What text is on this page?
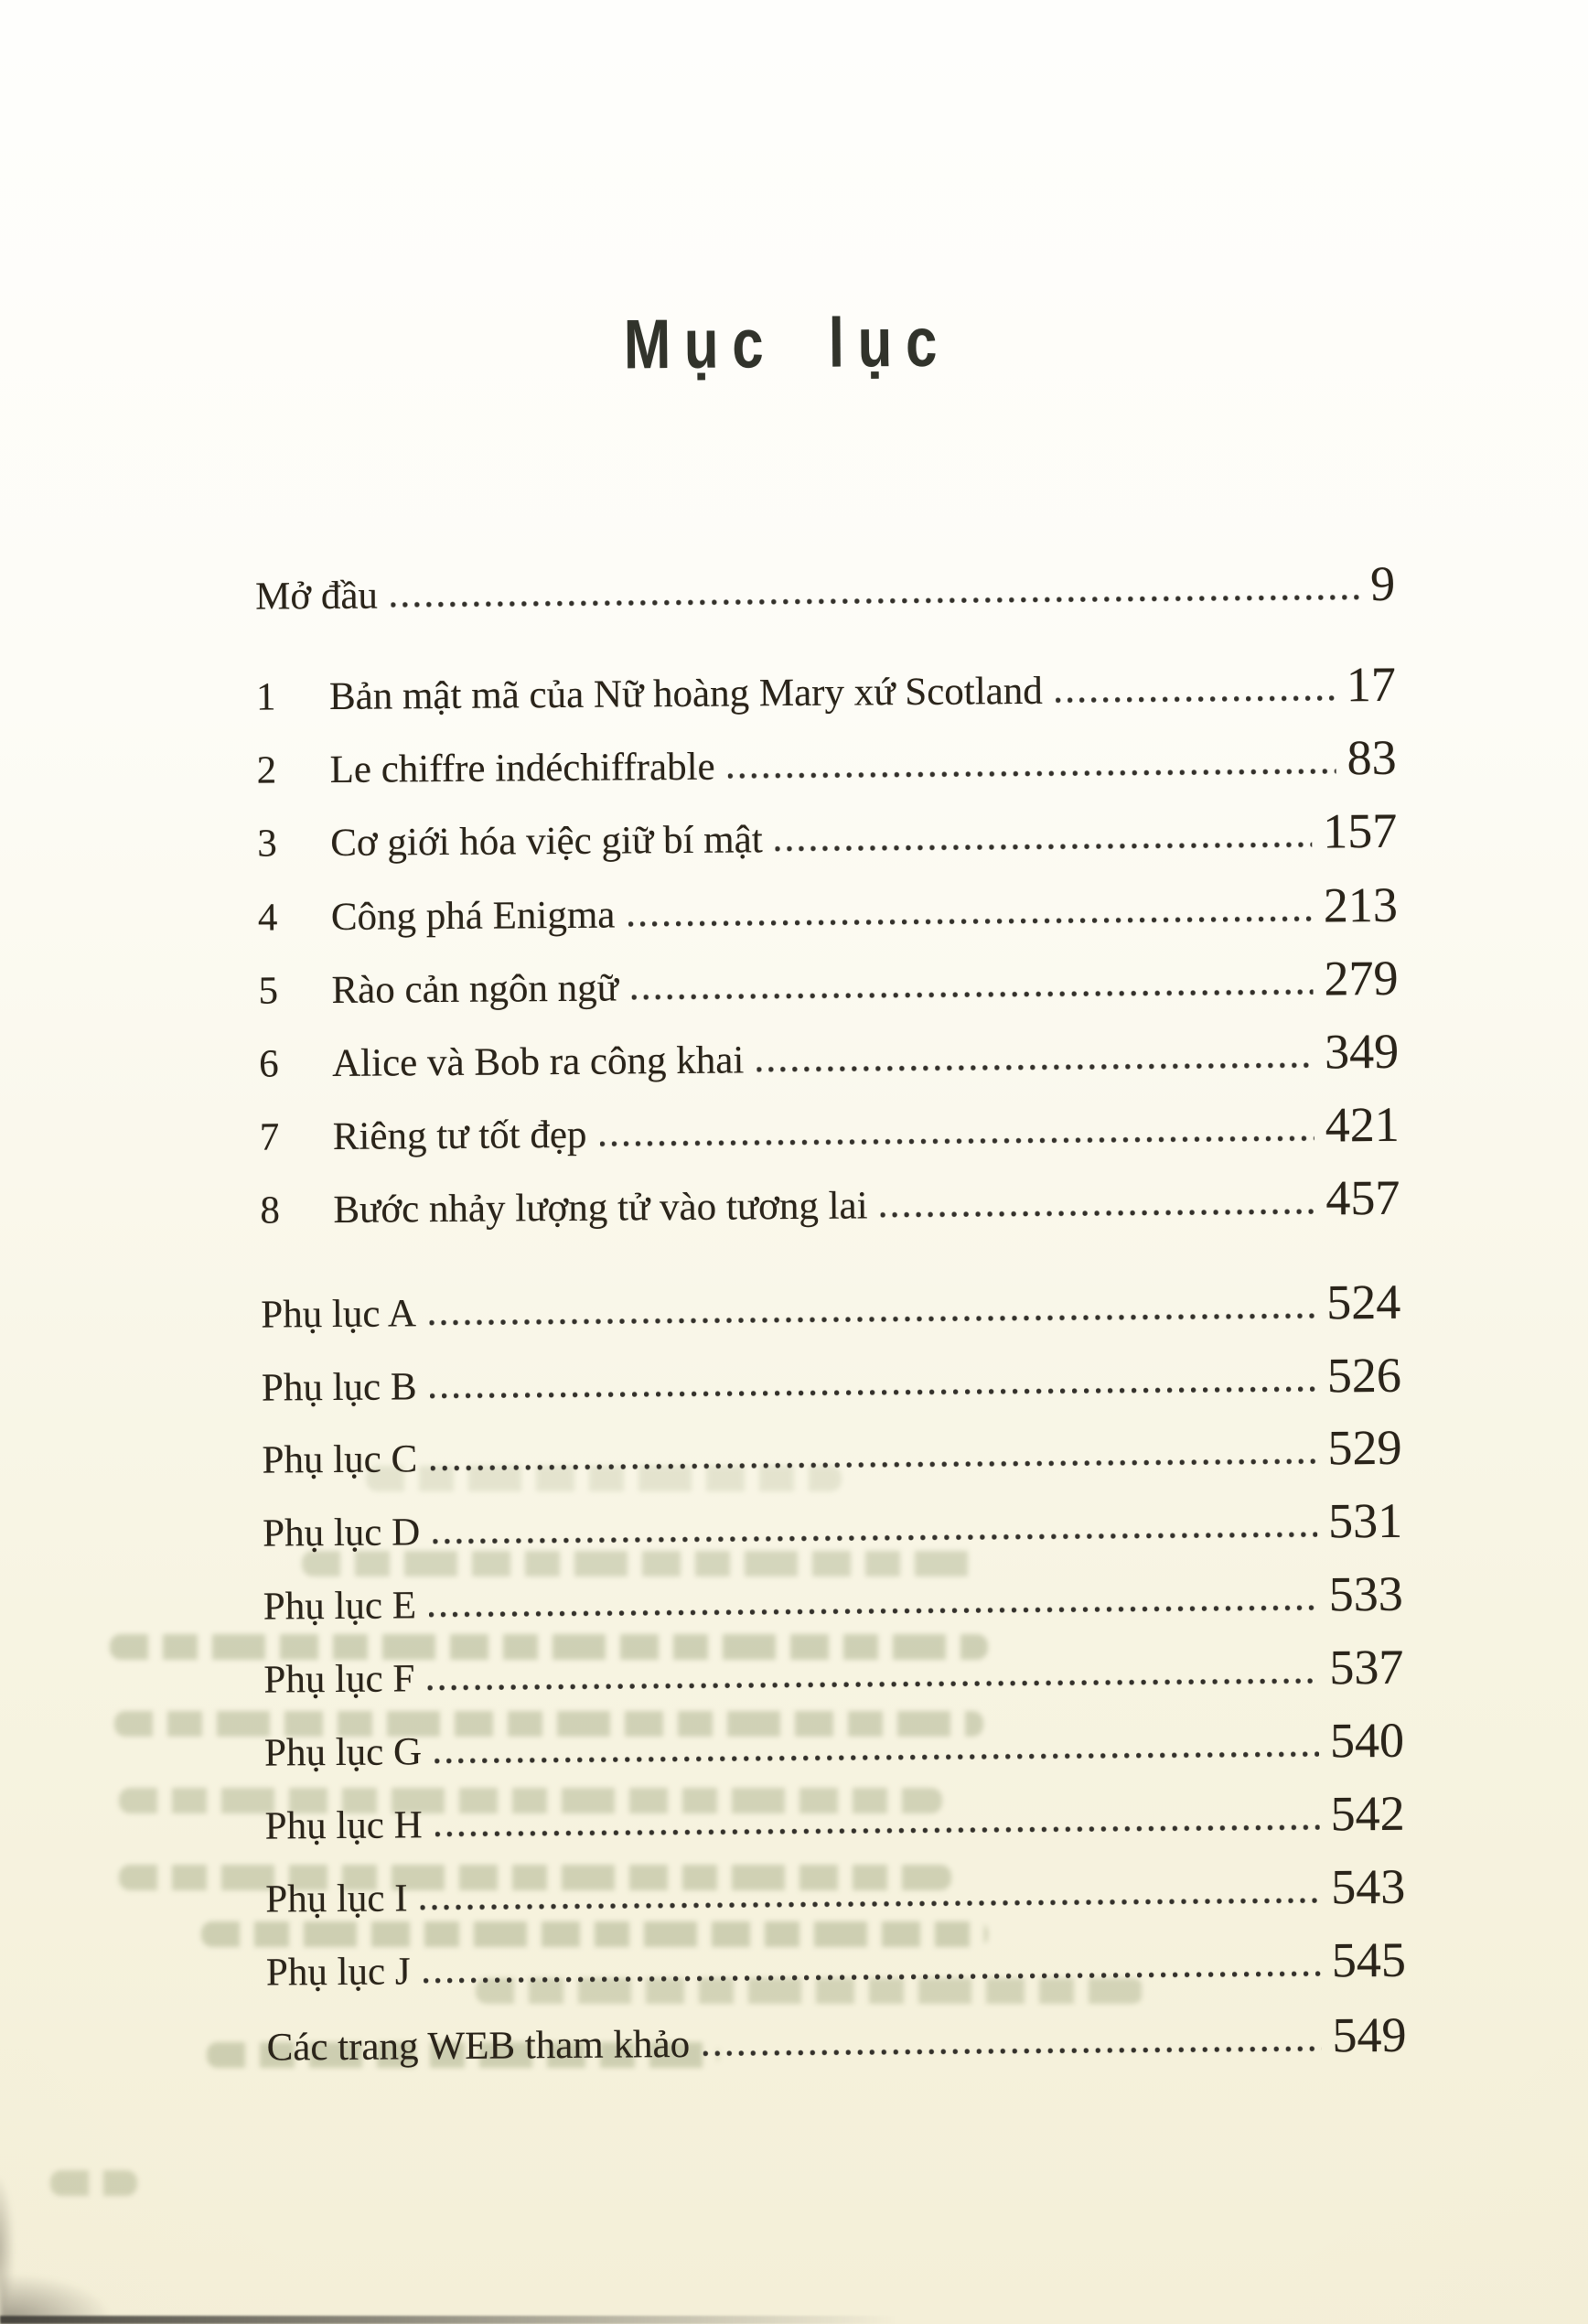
Mục lục
Mở đầu	9
1	Bản mật mã của Nữ hoàng Mary xứ Scotland	17
2	Le chiffre indéchiffrable	83
3	Cơ giới hóa việc giữ bí mật	157
4	Công phá Enigma	213
5	Rào cản ngôn ngữ	279
6	Alice và Bob ra công khai	349
7	Riêng tư tốt đẹp	421
8	Bước nhảy lượng tử vào tương lai	457
Phụ lục A	524
Phụ lục B	526
Phụ lục C	529
Phụ lục D	531
Phụ lục E	533
Phụ lục F	537
Phụ lục G	540
Phụ lục H	542
Phụ lục I	543
Phụ lục J	545
Các trang WEB tham khảo	549
